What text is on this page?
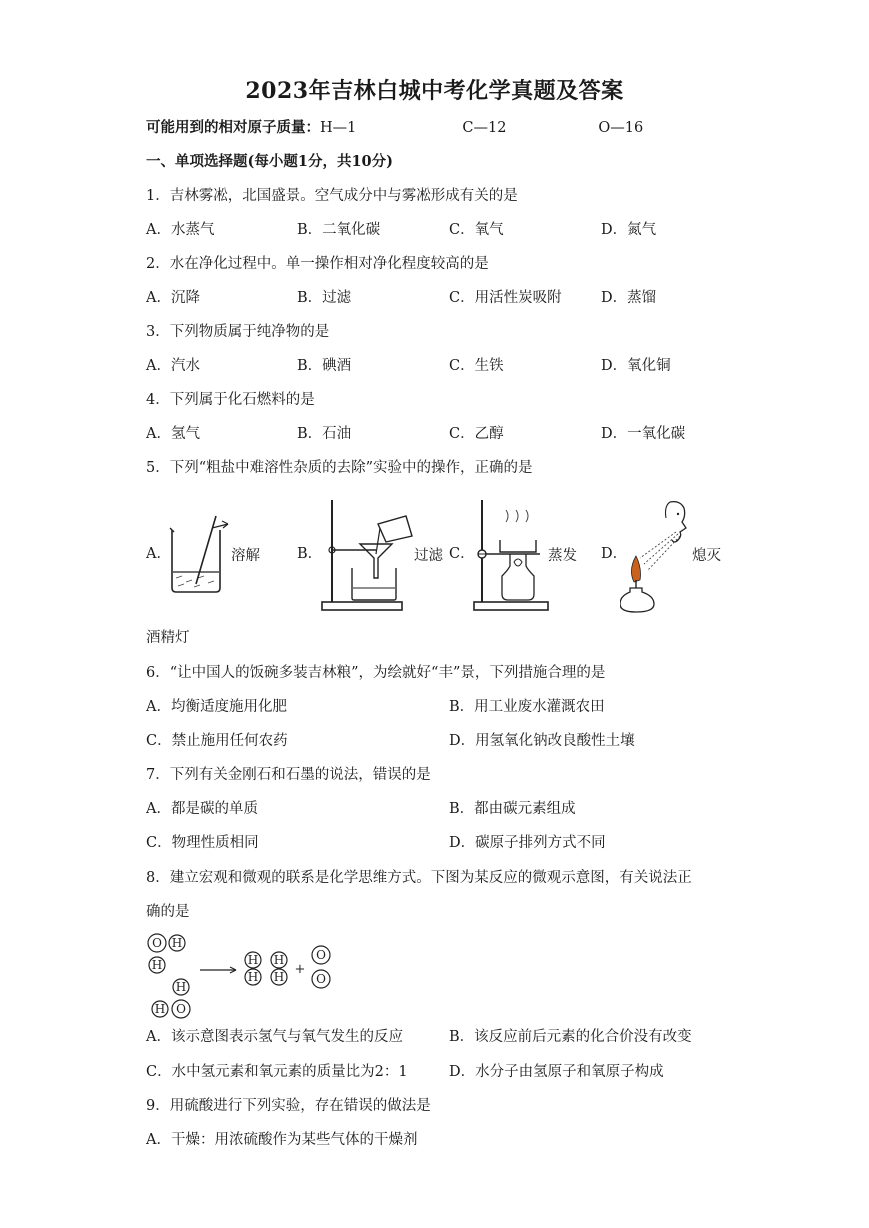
2023年吉林白城中考化学真题及答案
可能用到的相对原子质量：H—1	C—12	O—16
一、单项选择题(每小题1分，共10分)
1．吉林雾凇，北国盛景。空气成分中与雾凇形成有关的是
A．水蒸气	B．二氧化碳	C．氧气	D．氮气
2．水在净化过程中。单一操作相对净化程度较高的是
A．沉降	B．过滤	C．用活性炭吸附	D．蒸馏
3．下列物质属于纯净物的是
A．汽水	B．碘酒	C．生铁	D．氧化铜
4．下列属于化石燃料的是
A．氢气	B．石油	C．乙醇	D．一氧化碳
5．下列“粗盐中难溶性杂质的去除”实验中的操作，正确的是
A．	溶解	B．	过滤 C．	蒸发 D．	熄灭
酒精灯
6．“让中国人的饭碗多装吉林粮”，为绘就好“丰”景，下列措施合理的是
A．均衡适度施用化肥	B．用工业废水灌溉农田
C．禁止施用任何农药	D．用氢氧化钠改良酸性土壤
7．下列有关金刚石和石墨的说法，错误的是
A．都是碳的单质	B．都由碳元素组成
C．物理性质相同	D．碳原子排列方式不同
8．建立宏观和微观的联系是化学思维方式。下图为某反应的微观示意图，有关说法正
确的是
O H
H
H
H O
H
H
H
H
O
O
+
A．该示意图表示氢气与氧气发生的反应	B．该反应前后元素的化合价没有改变
C．水中氢元素和氧元素的质量比为2：1	D．水分子由氢原子和氧原子构成
9．用硫酸进行下列实验，存在错误的做法是
A．干燥：用浓硫酸作为某些气体的干燥剂
